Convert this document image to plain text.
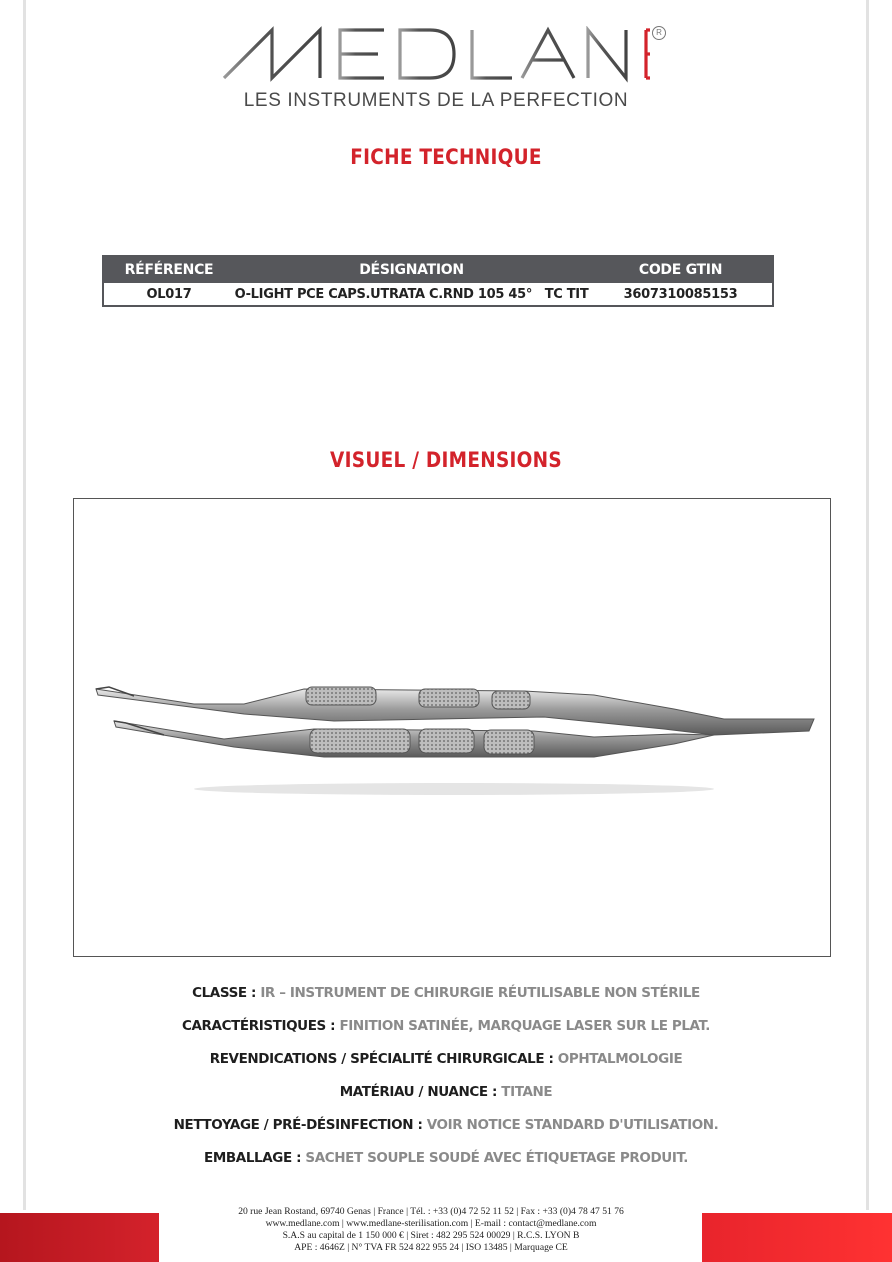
R
LES INSTRUMENTS DE LA PERFECTION
FICHE TECHNIQUE
RÉFÉRENCE	DÉSIGNATION	CODE GTIN
OL017	O-LIGHT PCE CAPS.UTRATA C.RND 105 45°   TC TIT	3607310085153
VISUEL / DIMENSIONS
CLASSE : IR – INSTRUMENT DE CHIRURGIE RÉUTILISABLE NON STÉRILE
CARACTÉRISTIQUES : FINITION SATINÉE, MARQUAGE LASER SUR LE PLAT.
REVENDICATIONS / SPÉCIALITÉ CHIRURGICALE : OPHTALMOLOGIE
MATÉRIAU / NUANCE : TITANE
NETTOYAGE / PRÉ-DÉSINFECTION : VOIR NOTICE STANDARD D'UTILISATION.
EMBALLAGE : SACHET SOUPLE SOUDÉ AVEC ÉTIQUETAGE PRODUIT.
20 rue Jean Rostand, 69740 Genas | France | Tél. : +33 (0)4 72 52 11 52 | Fax : +33 (0)4 78 47 51 76
www.medlane.com | www.medlane-sterilisation.com | E-mail : contact@medlane.com
S.A.S au capital de 1 150 000 € | Siret : 482 295 524 00029 | R.C.S. LYON B
APE : 4646Z | N° TVA FR 524 822 955 24 | ISO 13485 | Marquage CE
